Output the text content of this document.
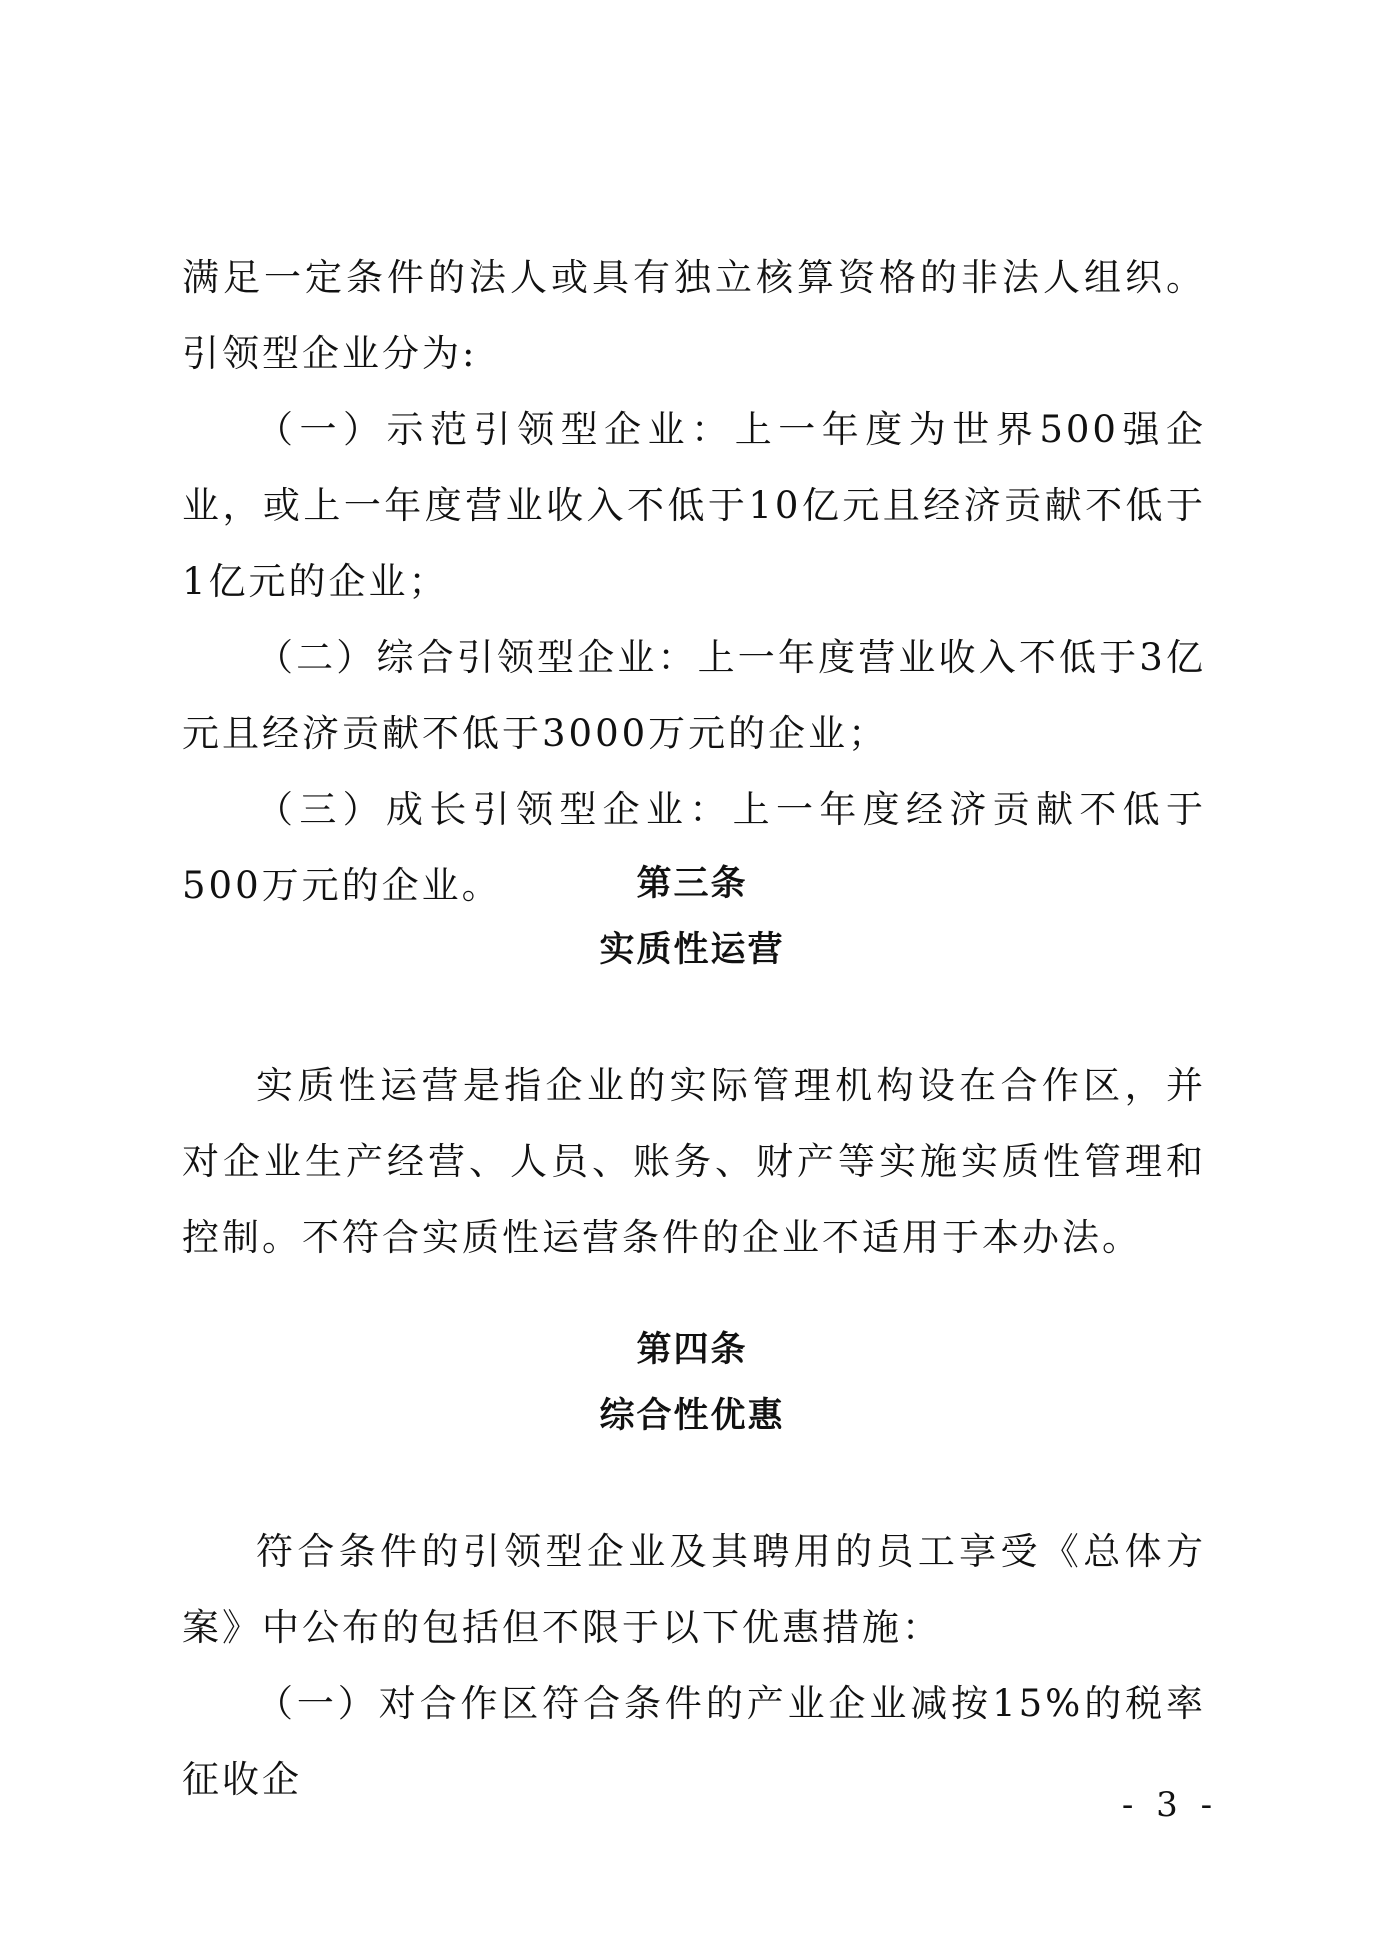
满足一定条件的法人或具有独立核算资格的非法人组织。引领型企业分为:

（一）示范引领型企业：上一年度为世界500强企业，或上一年度营业收入不低于10亿元且经济贡献不低于1亿元的企业；

（二）综合引领型企业：上一年度营业收入不低于3亿元且经济贡献不低于3000万元的企业；

（三）成长引领型企业：上一年度经济贡献不低于500万元的企业。	第三条
实质性运营

实质性运营是指企业的实际管理机构设在合作区，并对企业生产经营、人员、账务、财产等实施实质性管理和控制。不符合实质性运营条件的企业不适用于本办法。

第四条
综合性优惠

符合条件的引领型企业及其聘用的员工享受《总体方案》中公布的包括但不限于以下优惠措施：

（一）对合作区符合条件的产业企业减按15%的税率征收企

- 3 -
